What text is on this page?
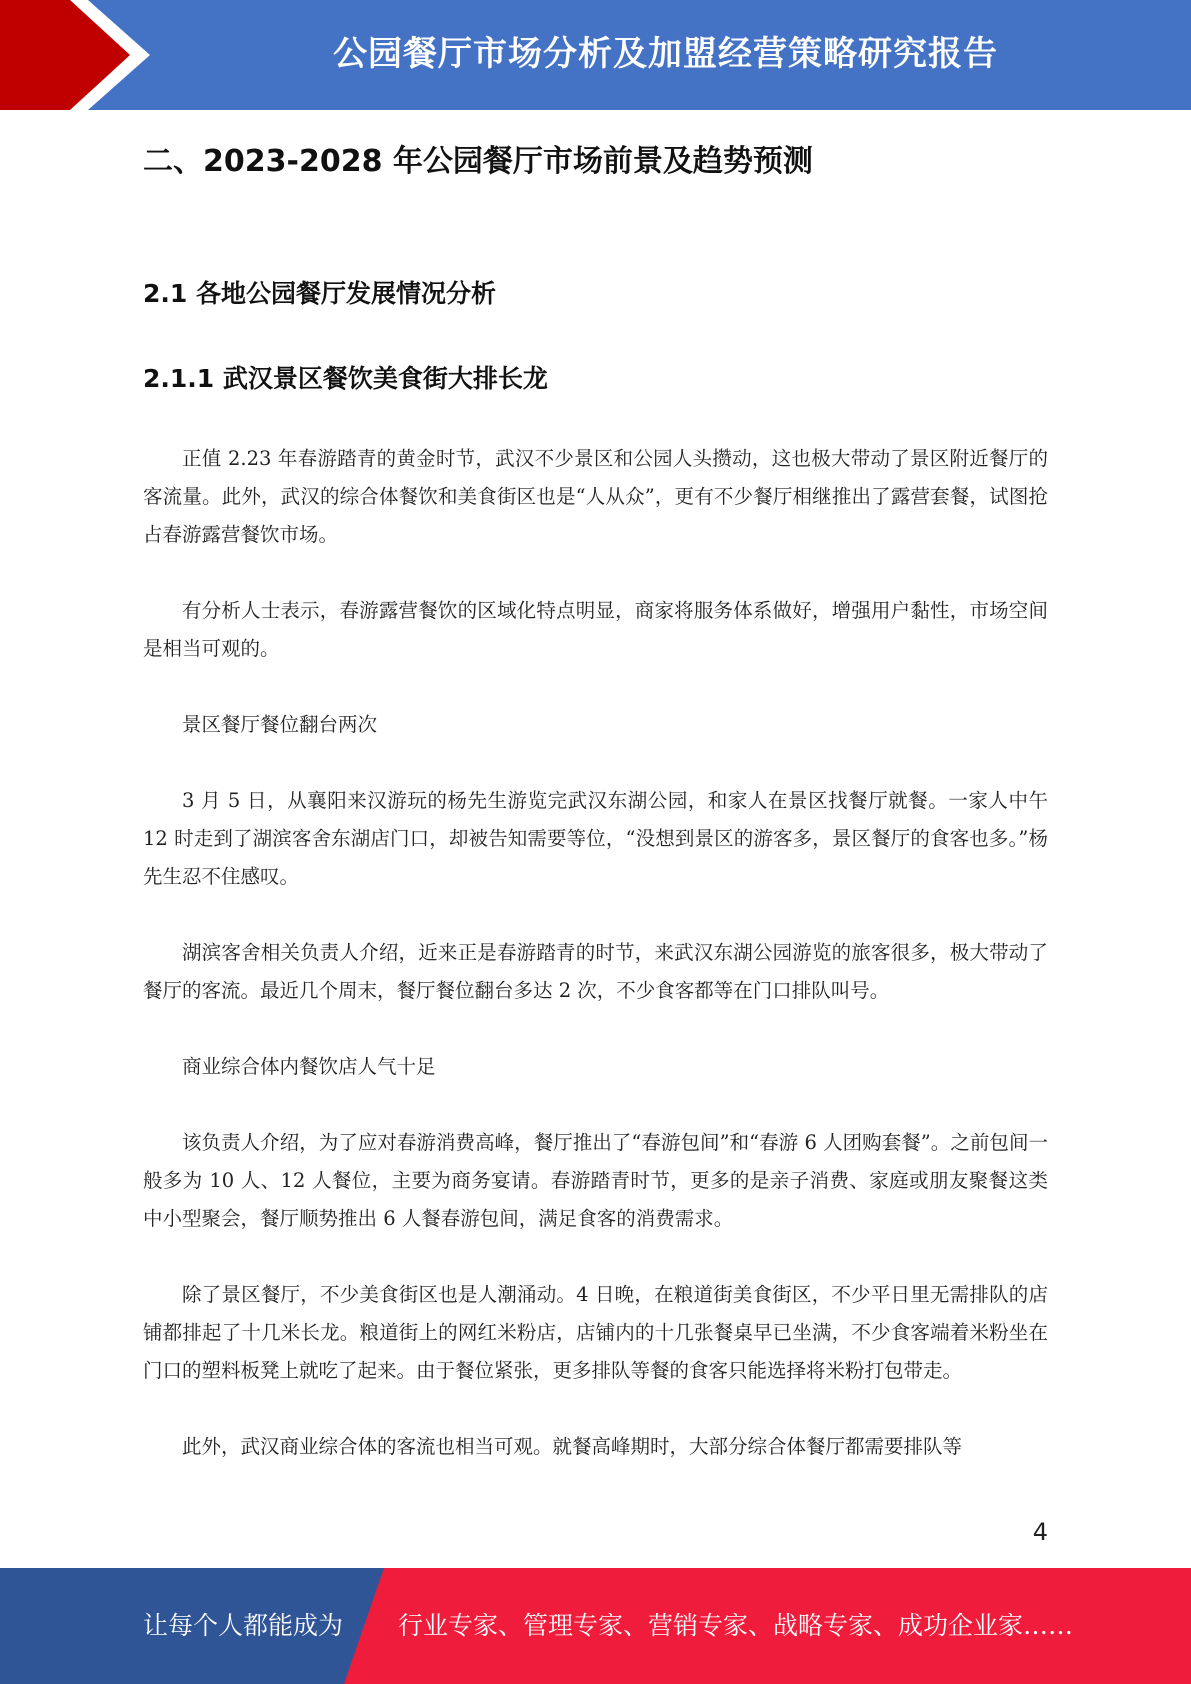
公园餐厅市场分析及加盟经营策略研究报告
二、2023-2028 年公园餐厅市场前景及趋势预测
2.1 各地公园餐厅发展情况分析
2.1.1 武汉景区餐饮美食街大排长龙

正值 2.23 年春游踏青的黄金时节，武汉不少景区和公园人头攒动，这也极大带动了景区附近餐厅的客流量。此外，武汉的综合体餐饮和美食街区也是“人从众”，更有不少餐厅相继推出了露营套餐，试图抢占春游露营餐饮市场。

有分析人士表示，春游露营餐饮的区域化特点明显，商家将服务体系做好，增强用户黏性，市场空间是相当可观的。

景区餐厅餐位翻台两次

3 月 5 日，从襄阳来汉游玩的杨先生游览完武汉东湖公园，和家人在景区找餐厅就餐。一家人中午 12 时走到了湖滨客舍东湖店门口，却被告知需要等位，“没想到景区的游客多，景区餐厅的食客也多。”杨先生忍不住感叹。

湖滨客舍相关负责人介绍，近来正是春游踏青的时节，来武汉东湖公园游览的旅客很多，极大带动了餐厅的客流。最近几个周末，餐厅餐位翻台多达 2 次，不少食客都等在门口排队叫号。

商业综合体内餐饮店人气十足

该负责人介绍，为了应对春游消费高峰，餐厅推出了“春游包间”和“春游 6 人团购套餐”。之前包间一般多为 10 人、12 人餐位，主要为商务宴请。春游踏青时节，更多的是亲子消费、家庭或朋友聚餐这类中小型聚会，餐厅顺势推出 6 人餐春游包间，满足食客的消费需求。

除了景区餐厅，不少美食街区也是人潮涌动。4 日晚，在粮道街美食街区，不少平日里无需排队的店铺都排起了十几米长龙。粮道街上的网红米粉店，店铺内的十几张餐桌早已坐满，不少食客端着米粉坐在门口的塑料板凳上就吃了起来。由于餐位紧张，更多排队等餐的食客只能选择将米粉打包带走。

此外，武汉商业综合体的客流也相当可观。就餐高峰期时，大部分综合体餐厅都需要排队等

4
让每个人都能成为 行业专家、管理专家、营销专家、战略专家、成功企业家……
